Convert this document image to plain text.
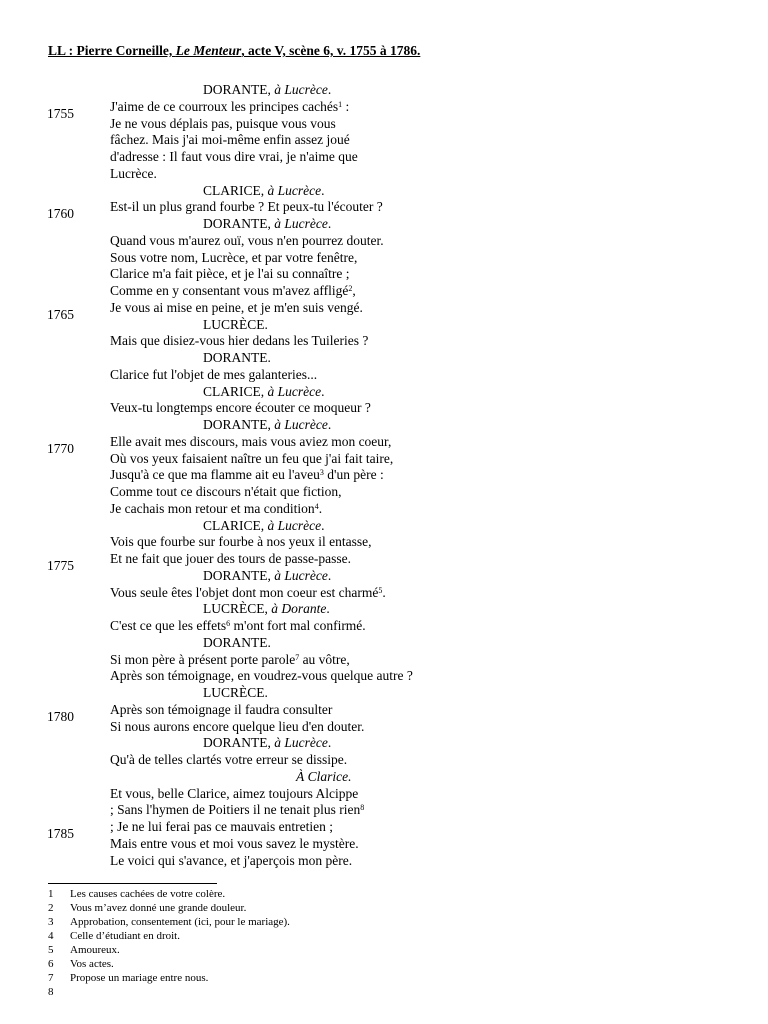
LL : Pierre Corneille, Le Menteur, acte V, scène 6, v. 1755 à 1786.
DORANTE, à Lucrèce.
1755	J'aime de ce courroux les principes cachés$^1$ :
Je ne vous déplais pas, puisque vous vous
fâchez. Mais j'ai moi-même enfin assez joué
d'adresse : Il faut vous dire vrai, je n'aime que
Lucrèce.
CLARICE, à Lucrèce.
1760	Est-il un plus grand fourbe ? Et peux-tu l'écouter ?
DORANTE, à Lucrèce.
Quand vous m'aurez ouï, vous n'en pourrez douter.
Sous votre nom, Lucrèce, et par votre fenêtre,
Clarice m'a fait pièce, et je l'ai su connaître ;
Comme en y consentant vous m'avez affligé$^2$,
1765	Je vous ai mise en peine, et je m'en suis vengé.
LUCRÈCE.
Mais que disiez-vous hier dedans les Tuileries ?
DORANTE.
Clarice fut l'objet de mes galanteries...
CLARICE, à Lucrèce.
Veux-tu longtemps encore écouter ce moqueur ?
DORANTE, à Lucrèce.
1770	Elle avait mes discours, mais vous aviez mon coeur,
Où vos yeux faisaient naître un feu que j'ai fait taire,
Jusqu'à ce que ma flamme ait eu l'aveu$^3$ d'un père :
Comme tout ce discours n'était que fiction,
Je cachais mon retour et ma condition$^4$.
CLARICE, à Lucrèce.
Vois que fourbe sur fourbe à nos yeux il entasse,
1775	Et ne fait que jouer des tours de passe-passe.
DORANTE, à Lucrèce.
Vous seule êtes l'objet dont mon coeur est charmé$^5$.
LUCRÈCE, à Dorante.
C'est ce que les effets$^6$ m'ont fort mal confirmé.
DORANTE.
Si mon père à présent porte parole$^7$ au vôtre,
Après son témoignage, en voudrez-vous quelque autre ?
LUCRÈCE.
1780	Après son témoignage il faudra consulter
Si nous aurons encore quelque lieu d'en douter.
DORANTE, à Lucrèce.
Qu'à de telles clartés votre erreur se dissipe.
À Clarice.
Et vous, belle Clarice, aimez toujours Alcippe
; Sans l'hymen de Poitiers il ne tenait plus rien$^8$
1785	; Je ne lui ferai pas ce mauvais entretien ;
Mais entre vous et moi vous savez le mystère.
Le voici qui s'avance, et j'aperçois mon père.
1 Les causes cachées de votre colère.
2 Vous m’avez donné une grande douleur.
3 Approbation, consentement (ici, pour le mariage).
4 Celle d’étudiant en droit.
5 Amoureux.
6 Vos actes.
7 Propose un mariage entre nous.
8
